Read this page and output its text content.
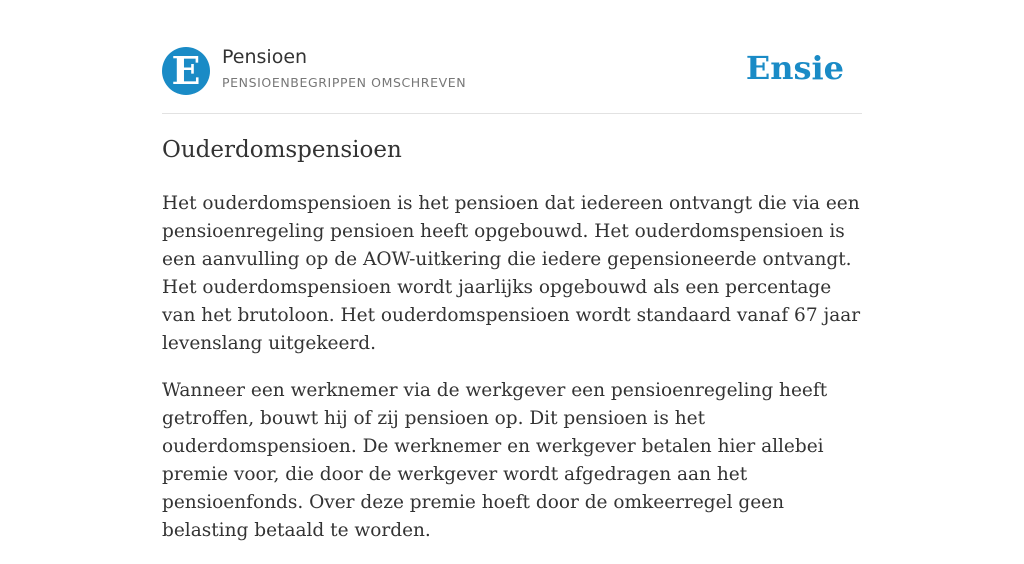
E	Pensioen
PENSIOENBEGRIPPEN OMSCHREVEN	Ensie
Ouderdomspensioen

Het ouderdomspensioen is het pensioen dat iedereen ontvangt die via een pensioenregeling pensioen heeft opgebouwd. Het ouderdomspensioen is een aanvulling op de AOW-uitkering die iedere gepensioneerde ontvangt. Het ouderdomspensioen wordt jaarlijks opgebouwd als een percentage van het brutoloon. Het ouderdomspensioen wordt standaard vanaf 67 jaar levenslang uitgekeerd.

Wanneer een werknemer via de werkgever een pensioenregeling heeft getroffen, bouwt hij of zij pensioen op. Dit pensioen is het ouderdomspensioen. De werknemer en werkgever betalen hier allebei premie voor, die door de werkgever wordt afgedragen aan het pensioenfonds. Over deze premie hoeft door de omkeerregel geen belasting betaald te worden.
